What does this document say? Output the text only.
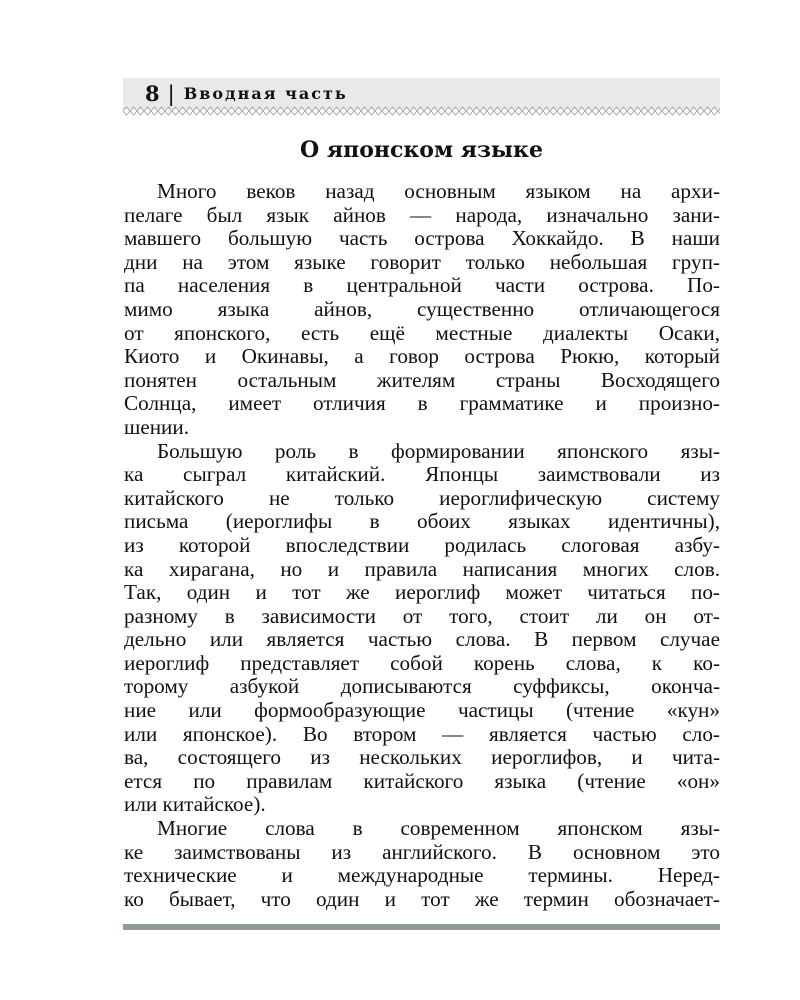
8 | Вводная часть
О японском языке
Много веков назад основным языком на архи-
пелаге был язык айнов — народа, изначально зани-
мавшего большую часть острова Хоккайдо. В наши
дни на этом языке говорит только небольшая груп-
па населения в центральной части острова. По-
мимо языка айнов, существенно отличающегося
от японского, есть ещё местные диалекты Осаки,
Киото и Окинавы, а говор острова Рюкю, который
понятен остальным жителям страны Восходящего
Солнца, имеет отличия в грамматике и произно-
шении.
Большую роль в формировании японского язы-
ка сыграл китайский. Японцы заимствовали из
китайского не только иероглифическую систему
письма (иероглифы в обоих языках идентичны),
из которой впоследствии родилась слоговая азбу-
ка хирагана, но и правила написания многих слов.
Так, один и тот же иероглиф может читаться по-
разному в зависимости от того, стоит ли он от-
дельно или является частью слова. В первом случае
иероглиф представляет собой корень слова, к ко-
торому азбукой дописываются суффиксы, оконча-
ние или формообразующие частицы (чтение «кун»
или японское). Во втором — является частью сло-
ва, состоящего из нескольких иероглифов, и чита-
ется по правилам китайского языка (чтение «он»
или китайское).
Многие слова в современном японском язы-
ке заимствованы из английского. В основном это
технические и международные термины. Неред-
ко бывает, что один и тот же термин обозначает-
